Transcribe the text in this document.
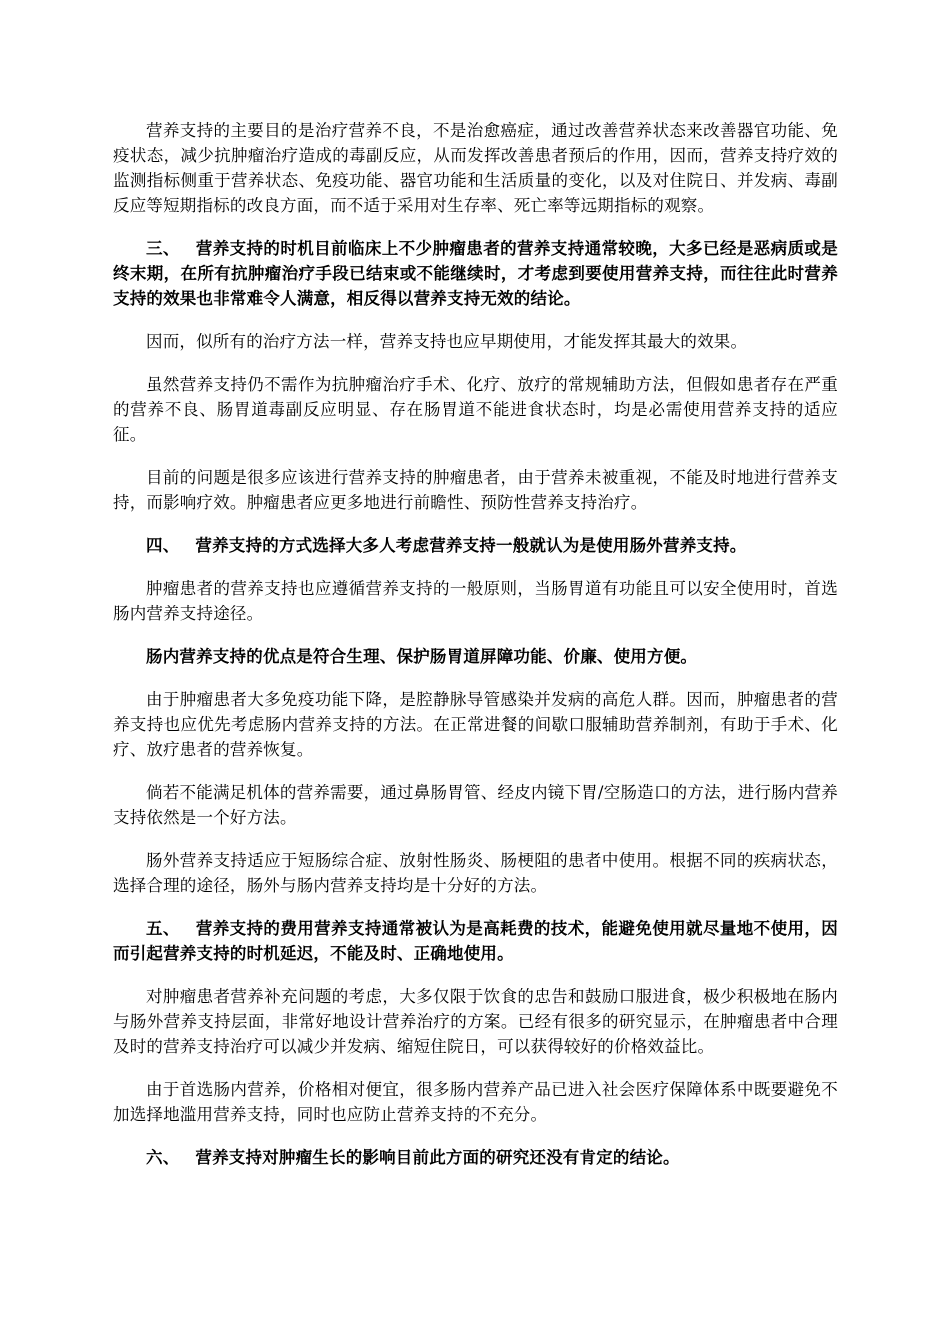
营养支持的主要目的是治疗营养不良，不是治愈癌症，通过改善营养状态来改善器官功能、免疫状态，减少抗肿瘤治疗造成的毒副反应，从而发挥改善患者预后的作用，因而，营养支持疗效的监测指标侧重于营养状态、免疫功能、器官功能和生活质量的变化，以及对住院日、并发病、毒副反应等短期指标的改良方面，而不适于采用对生存率、死亡率等远期指标的观察。

三、 营养支持的时机目前临床上不少肿瘤患者的营养支持通常较晚，大多已经是恶病质或是终末期，在所有抗肿瘤治疗手段已结束或不能继续时，才考虑到要使用营养支持，而往往此时营养支持的效果也非常难令人满意，相反得以营养支持无效的结论。

因而，似所有的治疗方法一样，营养支持也应早期使用，才能发挥其最大的效果。

虽然营养支持仍不需作为抗肿瘤治疗手术、化疗、放疗的常规辅助方法，但假如患者存在严重的营养不良、肠胃道毒副反应明显、存在肠胃道不能进食状态时，均是必需使用营养支持的适应征。

目前的问题是很多应该进行营养支持的肿瘤患者，由于营养未被重视，不能及时地进行营养支持，而影响疗效。肿瘤患者应更多地进行前瞻性、预防性营养支持治疗。

四、 营养支持的方式选择大多人考虑营养支持一般就认为是使用肠外营养支持。

肿瘤患者的营养支持也应遵循营养支持的一般原则，当肠胃道有功能且可以安全使用时，首选肠内营养支持途径。

肠内营养支持的优点是符合生理、保护肠胃道屏障功能、价廉、使用方便。

由于肿瘤患者大多免疫功能下降，是腔静脉导管感染并发病的高危人群。因而，肿瘤患者的营养支持也应优先考虑肠内营养支持的方法。在正常进餐的间歇口服辅助营养制剂，有助于手术、化疗、放疗患者的营养恢复。

倘若不能满足机体的营养需要，通过鼻肠胃管、经皮内镜下胃/空肠造口的方法，进行肠内营养支持依然是一个好方法。

肠外营养支持适应于短肠综合症、放射性肠炎、肠梗阻的患者中使用。根据不同的疾病状态，选择合理的途径，肠外与肠内营养支持均是十分好的方法。

五、 营养支持的费用营养支持通常被认为是高耗费的技术，能避免使用就尽量地不使用，因而引起营养支持的时机延迟，不能及时、正确地使用。

对肿瘤患者营养补充问题的考虑，大多仅限于饮食的忠告和鼓励口服进食，极少积极地在肠内与肠外营养支持层面，非常好地设计营养治疗的方案。已经有很多的研究显示，在肿瘤患者中合理及时的营养支持治疗可以减少并发病、缩短住院日，可以获得较好的价格效益比。

由于首选肠内营养，价格相对便宜，很多肠内营养产品已进入社会医疗保障体系中既要避免不加选择地滥用营养支持，同时也应防止营养支持的不充分。

六、 营养支持对肿瘤生长的影响目前此方面的研究还没有肯定的结论。
